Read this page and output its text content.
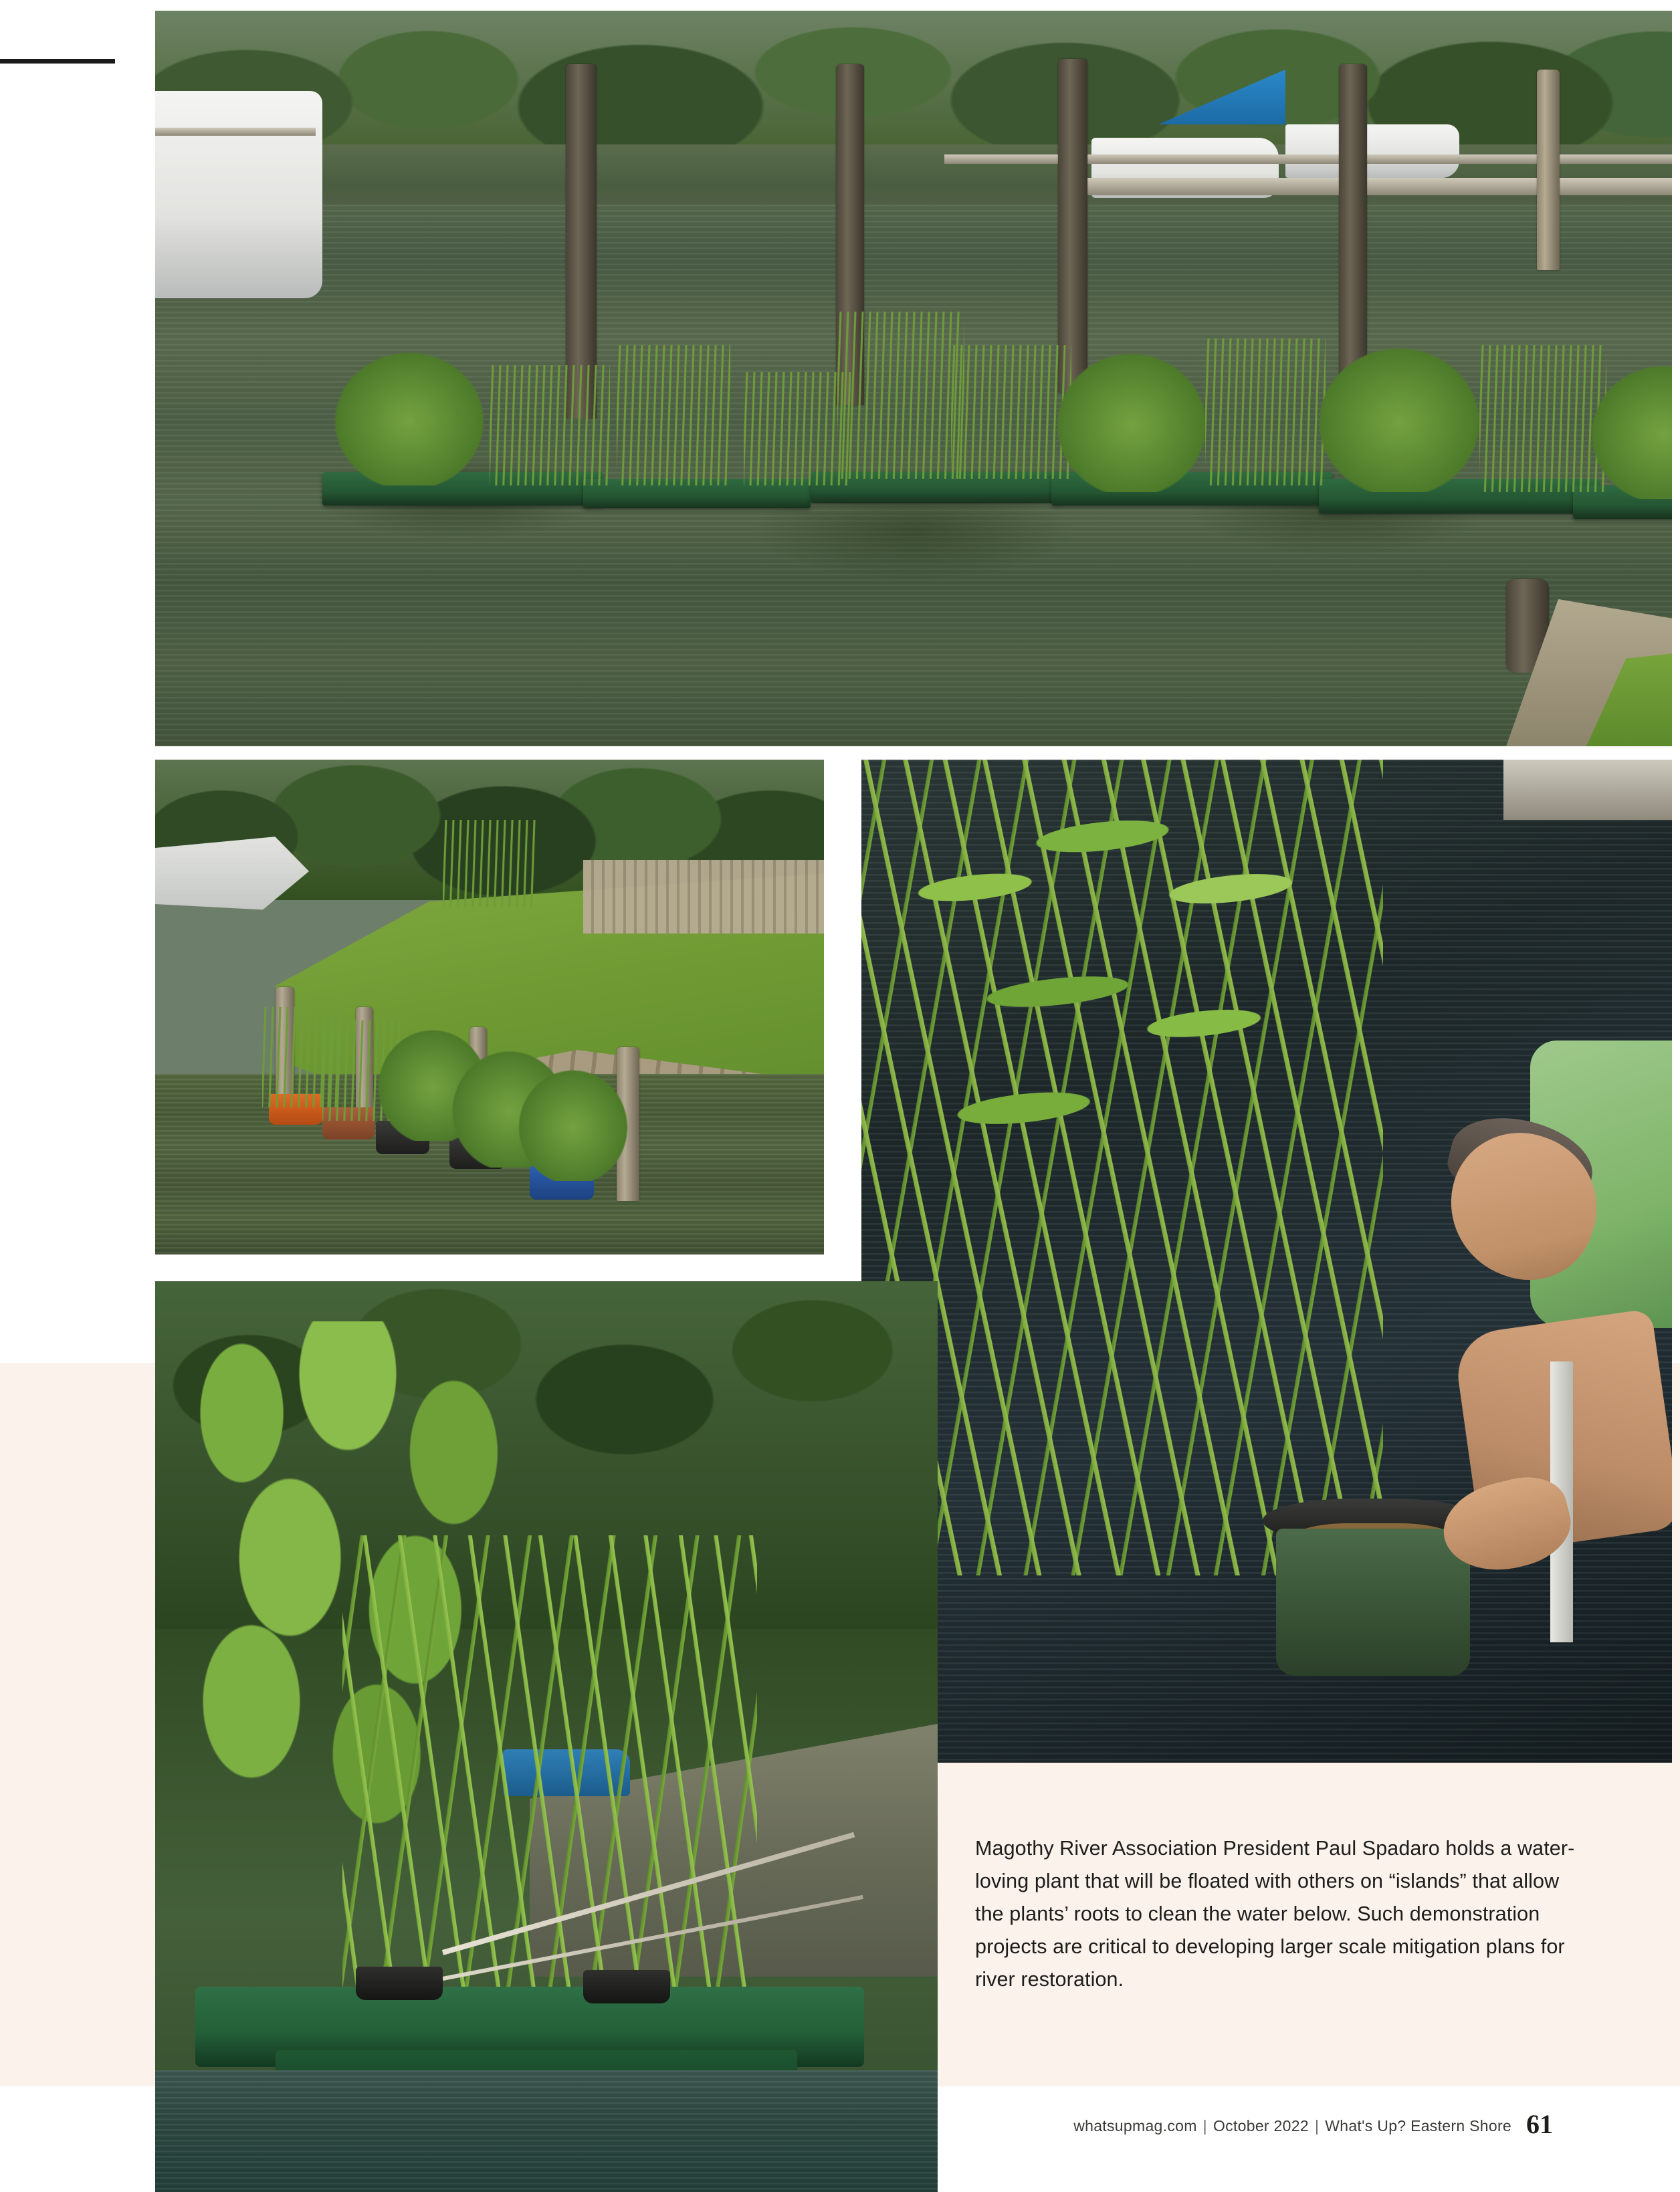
Magothy River Association President Paul Spadaro holds a water-loving plant that will be floated with others on “islands” that allow the plants’ roots to clean the water below. Such demonstration projects are critical to developing larger scale mitigation plans for river restoration.
whatsupmag.com | October 2022 | What's Up? Eastern Shore 61
